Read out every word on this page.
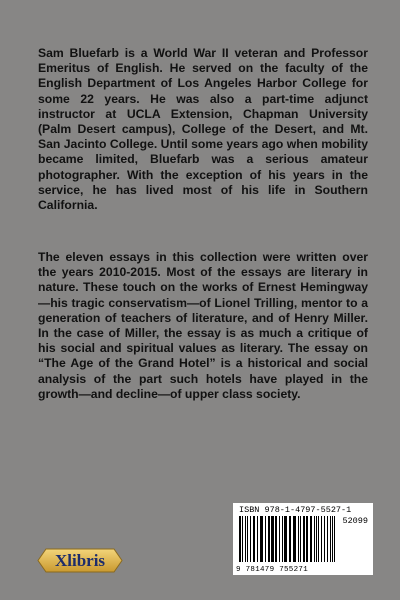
Sam Bluefarb is a World War II veteran and Professor Emeritus of English. He served on the faculty of the English Department of Los Angeles Harbor College for some 22 years. He was also a part-time adjunct instructor at UCLA Extension, Chapman University (Palm Desert campus), College of the Desert, and Mt. San Jacinto College. Until some years ago when mobility became limited, Bluefarb was a serious amateur photographer. With the exception of his years in the service, he has lived most of his life in Southern California.

The eleven essays in this collection were written over the years 2010-2015. Most of the essays are literary in nature. These touch on the works of Ernest Hemingway—his tragic conservatism—of Lionel Trilling, mentor to a generation of teachers of literature, and of Henry Miller. In the case of Miller, the essay is as much a critique of his social and spiritual values as literary. The essay on “The Age of the Grand Hotel” is a historical and social analysis of the part such hotels have played in the growth—and decline—of upper class society.

Xlibris
ISBN 978-1-4797-5527-1
52099
9 781479 755271
